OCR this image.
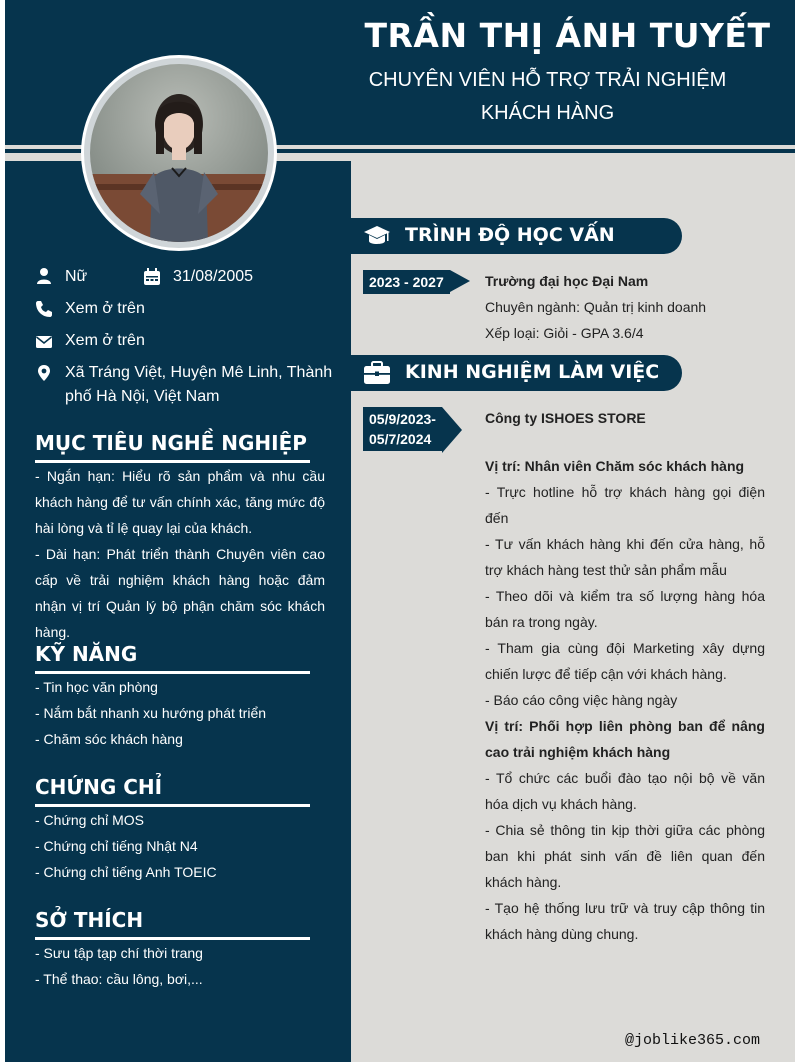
TRẦN THỊ ÁNH TUYẾT
CHUYÊN VIÊN HỖ TRỢ TRẢI NGHIỆM
KHÁCH HÀNG
Nữ	31/08/2005
Xem ở trên
Xem ở trên
Xã Tráng Việt, Huyện Mê Linh, Thành
phố Hà Nội, Việt Nam
MỤC TIÊU NGHỀ NGHIỆP
- Ngắn hạn: Hiểu rõ sản phẩm và nhu cầu khách hàng để tư vấn chính xác, tăng mức độ hài lòng và tỉ lệ quay lại của khách.
- Dài hạn: Phát triển thành Chuyên viên cao cấp về trải nghiệm khách hàng hoặc đảm nhận vị trí Quản lý bộ phận chăm sóc khách hàng.
KỸ NĂNG
- Tin học văn phòng
- Nắm bắt nhanh xu hướng phát triển
- Chăm sóc khách hàng
CHỨNG CHỈ
- Chứng chỉ MOS
- Chứng chỉ tiếng Nhật N4
- Chứng chỉ tiếng Anh TOEIC
SỞ THÍCH
- Sưu tập tạp chí thời trang
- Thể thao: cầu lông, bơi,...
TRÌNH ĐỘ HỌC VẤN
2023 - 2027	Trường đại học Đại Nam
Chuyên ngành: Quản trị kinh doanh
Xếp loại: Giỏi - GPA 3.6/4
KINH NGHIỆM LÀM VIỆC
05/9/2023-
05/7/2024
Công ty ISHOES STORE
Vị trí: Nhân viên Chăm sóc khách hàng
- Trực hotline hỗ trợ khách hàng gọi điện đến
- Tư vấn khách hàng khi đến cửa hàng, hỗ trợ khách hàng test thử sản phẩm mẫu
- Theo dõi và kiểm tra số lượng hàng hóa bán ra trong ngày.
- Tham gia cùng đội Marketing xây dựng chiến lược để tiếp cận với khách hàng.
- Báo cáo công việc hàng ngày
Vị trí: Phối hợp liên phòng ban để nâng cao trải nghiệm khách hàng
- Tổ chức các buổi đào tạo nội bộ về văn hóa dịch vụ khách hàng.
- Chia sẻ thông tin kịp thời giữa các phòng ban khi phát sinh vấn đề liên quan đến khách hàng.
- Tạo hệ thống lưu trữ và truy cập thông tin khách hàng dùng chung.
@joblike365.com
